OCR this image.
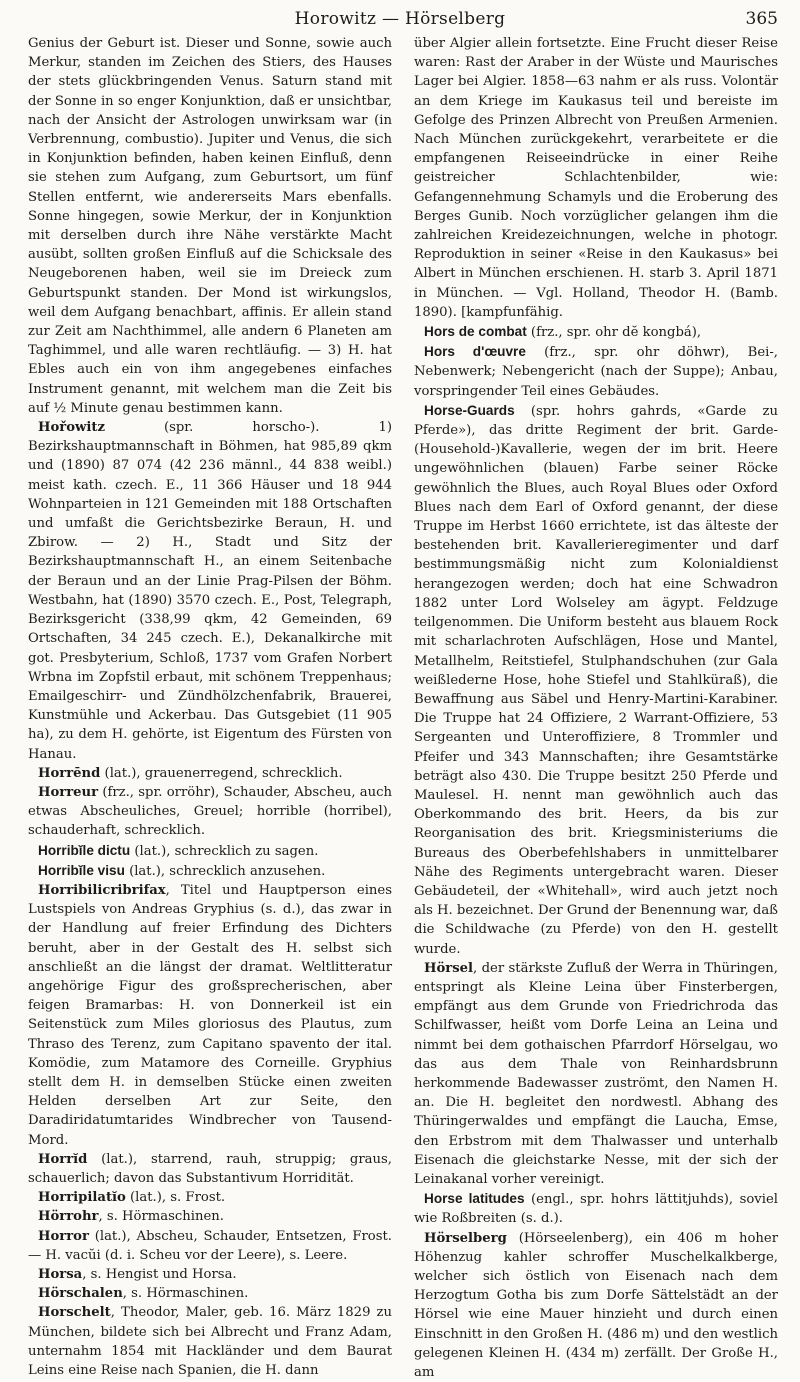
Horowitz — Hörselberg	365

Genius der Geburt ist. Dieser und Sonne, sowie auch Merkur, standen im Zeichen des Stiers, des Hauses der stets glückbringenden Venus. Saturn stand mit der Sonne in so enger Konjunktion, daß er unsichtbar, nach der Ansicht der Astrologen unwirksam war (in Verbrennung, combustio). Jupiter und Venus, die sich in Konjunktion befinden, haben keinen Einfluß, denn sie stehen zum Aufgang, zum Geburtsort, um fünf Stellen entfernt, wie andererseits Mars ebenfalls. Sonne hingegen, sowie Merkur, der in Konjunktion mit derselben durch ihre Nähe verstärkte Macht ausübt, sollten großen Einfluß auf die Schicksale des Neugeborenen haben, weil sie im Dreieck zum Geburtspunkt standen. Der Mond ist wirkungslos, weil dem Aufgang benachbart, affinis. Er allein stand zur Zeit am Nachthimmel, alle andern 6 Planeten am Taghimmel, und alle waren rechtläufig. — 3) H. hat Ebles auch ein von ihm angegebenes einfaches Instrument genannt, mit welchem man die Zeit bis auf ½ Minute genau bestimmen kann.

Hořowitz (spr. horscho-). 1) Bezirkshauptmannschaft in Böhmen, hat 985,89 qkm und (1890) 87 074 (42 236 männl., 44 838 weibl.) meist kath. czech. E., 11 366 Häuser und 18 944 Wohnparteien in 121 Gemeinden mit 188 Ortschaften und umfaßt die Gerichtsbezirke Beraun, H. und Zbirow. — 2) H., Stadt und Sitz der Bezirkshauptmannschaft H., an einem Seitenbache der Beraun und an der Linie Prag-Pilsen der Böhm. Westbahn, hat (1890) 3570 czech. E., Post, Telegraph, Bezirksgericht (338,99 qkm, 42 Gemeinden, 69 Ortschaften, 34 245 czech. E.), Dekanalkirche mit got. Presbyterium, Schloß, 1737 vom Grafen Norbert Wrbna im Zopfstil erbaut, mit schönem Treppenhaus; Emailgeschirr- und Zündhölzchenfabrik, Brauerei, Kunstmühle und Ackerbau. Das Gutsgebiet (11 905 ha), zu dem H. gehörte, ist Eigentum des Fürsten von Hanau.

Horrēnd (lat.), grauenerregend, schrecklich.

Horreur (frz., spr. orröhr), Schauder, Abscheu, auch etwas Abscheuliches, Greuel; horrible (horribel), schauderhaft, schrecklich.

Horribĭle dictu (lat.), schrecklich zu sagen.

Horribĭle visu (lat.), schrecklich anzusehen.

Horribilicribrifax, Titel und Hauptperson eines Lustspiels von Andreas Gryphius (s. d.), das zwar in der Handlung auf freier Erfindung des Dichters beruht, aber in der Gestalt des H. selbst sich anschließt an die längst der dramat. Weltlitteratur angehörige Figur des großsprecherischen, aber feigen Bramarbas: H. von Donnerkeil ist ein Seitenstück zum Miles gloriosus des Plautus, zum Thraso des Terenz, zum Capitano spavento der ital. Komödie, zum Matamore des Corneille. Gryphius stellt dem H. in demselben Stücke einen zweiten Helden derselben Art zur Seite, den Daradiridatumtarides Windbrecher von Tausend-Mord.

Horrĭd (lat.), starrend, rauh, struppig; graus, schauerlich; davon das Substantivum Horridität.

Horripilatĭo (lat.), s. Frost.

Hörrohr, s. Hörmaschinen.

Horror (lat.), Abscheu, Schauder, Entsetzen, Frost. — H. vacŭi (d. i. Scheu vor der Leere), s. Leere.

Horsa, s. Hengist und Horsa.

Hörschalen, s. Hörmaschinen.

Horschelt, Theodor, Maler, geb. 16. März 1829 zu München, bildete sich bei Albrecht und Franz Adam, unternahm 1854 mit Hackländer und dem Baurat Leins eine Reise nach Spanien, die H. dann

über Algier allein fortsetzte. Eine Frucht dieser Reise waren: Rast der Araber in der Wüste und Maurisches Lager bei Algier. 1858—63 nahm er als russ. Volontär an dem Kriege im Kaukasus teil und bereiste im Gefolge des Prinzen Albrecht von Preußen Armenien. Nach München zurückgekehrt, verarbeitete er die empfangenen Reiseeindrücke in einer Reihe geistreicher Schlachtenbilder, wie: Gefangennehmung Schamyls und die Eroberung des Berges Gunib. Noch vorzüglicher gelangen ihm die zahlreichen Kreidezeichnungen, welche in photogr. Reproduktion in seiner «Reise in den Kaukasus» bei Albert in München erschienen. H. starb 3. April 1871 in München. — Vgl. Holland, Theodor H. (Bamb. 1890). [kampfunfähig.

Hors de combat (frz., spr. ohr dĕ kongbá),

Hors d'œuvre (frz., spr. ohr döhwr), Bei-, Nebenwerk; Nebengericht (nach der Suppe); Anbau, vorspringender Teil eines Gebäudes.

Horse-Guards (spr. hohrs gahrds, «Garde zu Pferde»), das dritte Regiment der brit. Garde- (Household-)Kavallerie, wegen der im brit. Heere ungewöhnlichen (blauen) Farbe seiner Röcke gewöhnlich the Blues, auch Royal Blues oder Oxford Blues nach dem Earl of Oxford genannt, der diese Truppe im Herbst 1660 errichtete, ist das älteste der bestehenden brit. Kavallerieregimenter und darf bestimmungsmäßig nicht zum Kolonialdienst herangezogen werden; doch hat eine Schwadron 1882 unter Lord Wolseley am ägypt. Feldzuge teilgenommen. Die Uniform besteht aus blauem Rock mit scharlachroten Aufschlägen, Hose und Mantel, Metallhelm, Reitstiefel, Stulphandschuhen (zur Gala weißlederne Hose, hohe Stiefel und Stahlküraß), die Bewaffnung aus Säbel und Henry-Martini-Karabiner. Die Truppe hat 24 Offiziere, 2 Warrant-Offiziere, 53 Sergeanten und Unteroffiziere, 8 Trommler und Pfeifer und 343 Mannschaften; ihre Gesamtstärke beträgt also 430. Die Truppe besitzt 250 Pferde und Maulesel. H. nennt man gewöhnlich auch das Oberkommando des brit. Heers, da bis zur Reorganisation des brit. Kriegsministeriums die Bureaus des Oberbefehlshabers in unmittelbarer Nähe des Regiments untergebracht waren. Dieser Gebäudeteil, der «Whitehall», wird auch jetzt noch als H. bezeichnet. Der Grund der Benennung war, daß die Schildwache (zu Pferde) von den H. gestellt wurde.

Hörsel, der stärkste Zufluß der Werra in Thüringen, entspringt als Kleine Leina über Finsterbergen, empfängt aus dem Grunde von Friedrichroda das Schilfwasser, heißt vom Dorfe Leina an Leina und nimmt bei dem gothaischen Pfarrdorf Hörselgau, wo das aus dem Thale von Reinhardsbrunn herkommende Badewasser zuströmt, den Namen H. an. Die H. begleitet den nordwestl. Abhang des Thüringerwaldes und empfängt die Laucha, Emse, den Erbstrom mit dem Thalwasser und unterhalb Eisenach die gleichstarke Nesse, mit der sich der Leinakanal vorher vereinigt.

Horse latitudes (engl., spr. hohrs lättitjuhds), soviel wie Roßbreiten (s. d.).

Hörselberg (Hörseelenberg), ein 406 m hoher Höhenzug kahler schroffer Muschelkalkberge, welcher sich östlich von Eisenach nach dem Herzogtum Gotha bis zum Dorfe Sättelstädt an der Hörsel wie eine Mauer hinzieht und durch einen Einschnitt in den Großen H. (486 m) und den westlich gelegenen Kleinen H. (434 m) zerfällt. Der Große H., am
